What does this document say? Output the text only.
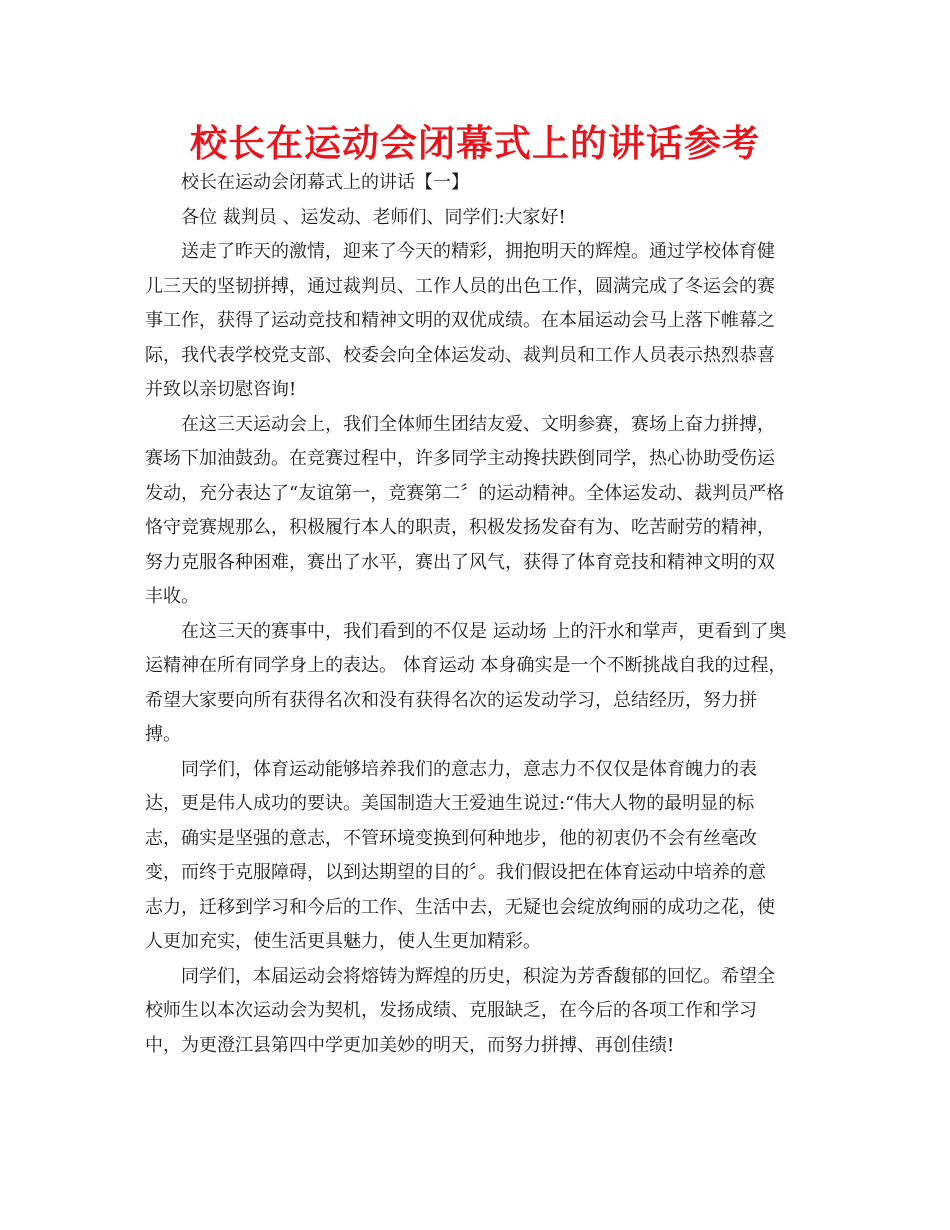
校长在运动会闭幕式上的讲话参考

校长在运动会闭幕式上的讲话【一】

各位 裁判员 、运发动、老师们、同学们:大家好!

送走了昨天的激情，迎来了今天的精彩，拥抱明天的辉煌。通过学校体育健

儿三天的坚韧拼搏，通过裁判员、工作人员的出色工作，圆满完成了冬运会的赛

事工作，获得了运动竞技和精神文明的双优成绩。在本届运动会马上落下帷幕之

际，我代表学校党支部、校委会向全体运发动、裁判员和工作人员表示热烈恭喜

并致以亲切慰咨询!

在这三天运动会上，我们全体师生团结友爱、文明参赛，赛场上奋力拼搏，

赛场下加油鼓劲。在竞赛过程中，许多同学主动搀扶跌倒同学，热心协助受伤运

发动，充分表达了“友谊第一，竞赛第二〞的运动精神。全体运发动、裁判员严格

恪守竞赛规那么，积极履行本人的职责，积极发扬发奋有为、吃苦耐劳的精神，

努力克服各种困难，赛出了水平，赛出了风气，获得了体育竞技和精神文明的双

丰收。

在这三天的赛事中，我们看到的不仅是 运动场 上的汗水和掌声，更看到了奥

运精神在所有同学身上的表达。 体育运动 本身确实是一个不断挑战自我的过程，

希望大家要向所有获得名次和没有获得名次的运发动学习，总结经历，努力拼

搏。

同学们，体育运动能够培养我们的意志力，意志力不仅仅是体育魄力的表

达，更是伟人成功的要诀。美国制造大王爱迪生说过:“伟大人物的最明显的标

志，确实是坚强的意志，不管环境变换到何种地步，他的初衷仍不会有丝毫改

变，而终于克服障碍，以到达期望的目的〞。我们假设把在体育运动中培养的意

志力，迁移到学习和今后的工作、生活中去，无疑也会绽放绚丽的成功之花，使

人更加充实，使生活更具魅力，使人生更加精彩。

同学们，本届运动会将熔铸为辉煌的历史，积淀为芳香馥郁的回忆。希望全

校师生以本次运动会为契机，发扬成绩、克服缺乏，在今后的各项工作和学习

中，为更澄江县第四中学更加美妙的明天，而努力拼搏、再创佳绩!
